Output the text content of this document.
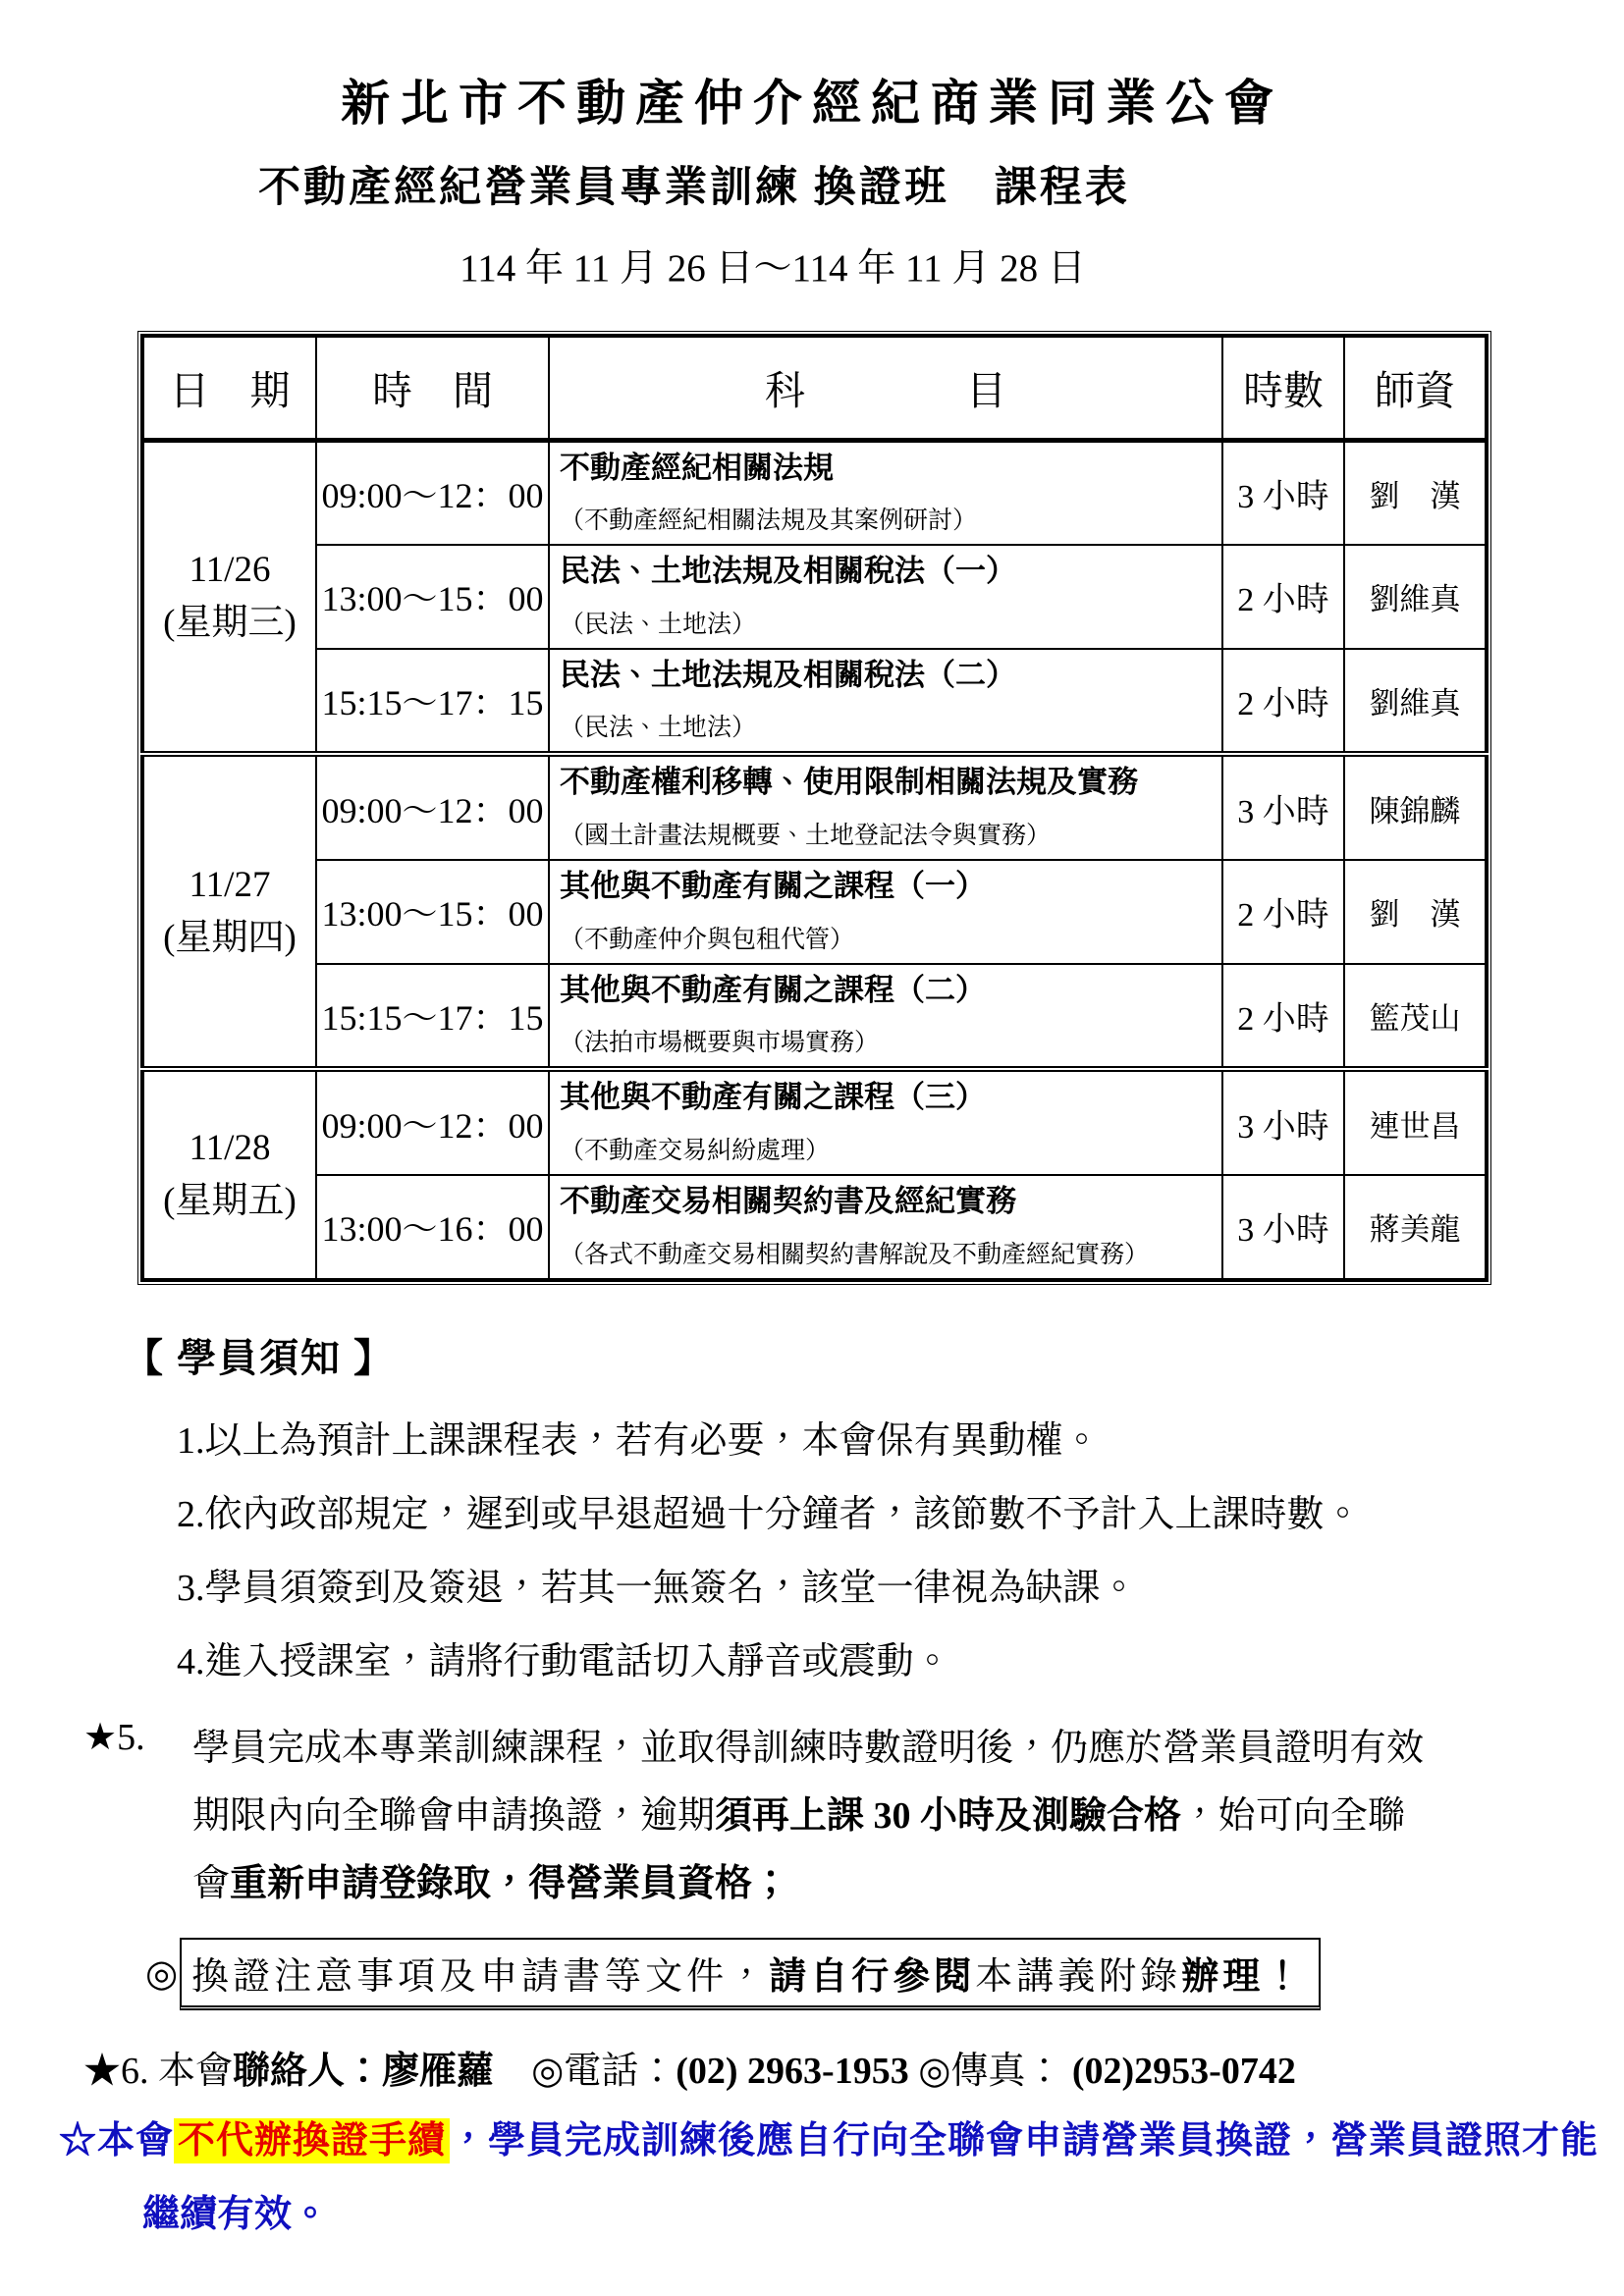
新北市不動產仲介經紀商業同業公會
不動產經紀營業員專業訓練 換證班　課程表
114 年 11 月 26 日～114 年 11 月 28 日
日　期	時　間	科　　　　目	時數	師資

11/26
(星期三)
	09:00～12：00	
不動產經紀相關法規
（不動產經紀相關法規及其案例研討）
	3 小時	劉　漢
	13:00～15：00	民法、土地法規及相關稅法（一）
（民法、土地法）	2 小時	劉維真
	15:15～17：15	民法、土地法規及相關稅法（二）
（民法、土地法）	2 小時	劉維真

11/27
(星期四)
	09:00～12：00	
不動產權利移轉、使用限制相關法規及實務
（國土計畫法規概要、土地登記法令與實務）
	3 小時	陳錦麟
	13:00～15：00	其他與不動產有關之課程（一）
（不動產仲介與包租代管）	2 小時	劉　漢
	15:15～17：15	其他與不動產有關之課程（二）
（法拍市場概要與市場實務）	2 小時	籃茂山

11/28
(星期五)
	09:00～12：00	
其他與不動產有關之課程（三）
（不動產交易糾紛處理）
	3 小時	連世昌
	13:00～16：00	不動產交易相關契約書及經紀實務
（各式不動產交易相關契約書解說及不動產經紀實務）	3 小時	蔣美龍
【 學員須知 】
1.以上為預計上課課程表，若有必要，本會保有異動權。
2.依內政部規定，遲到或早退超過十分鐘者，該節數不予計入上課時數。
3.學員須簽到及簽退，若其一無簽名，該堂一律視為缺課。
4.進入授課室，請將行動電話切入靜音或震動。
★5. 學員完成本專業訓練課程，並取得訓練時數證明後，仍應於營業員證明有效
期限內向全聯會申請換證，逾期須再上課 30 小時及測驗合格，始可向全聯
會重新申請登錄取，得營業員資格；
◎ 換證注意事項及申請書等文件，請自行參閱本講義附錄辦理！
★6. 本會聯絡人：廖雁蘿　 ◎電話：(02) 2963-1953 ◎傳真： (02)2953-0742
☆本會 不代辦換證手續 ，學員完成訓練後應自行向全聯會申請營業員換證，營業員證照才能
繼續有效。
